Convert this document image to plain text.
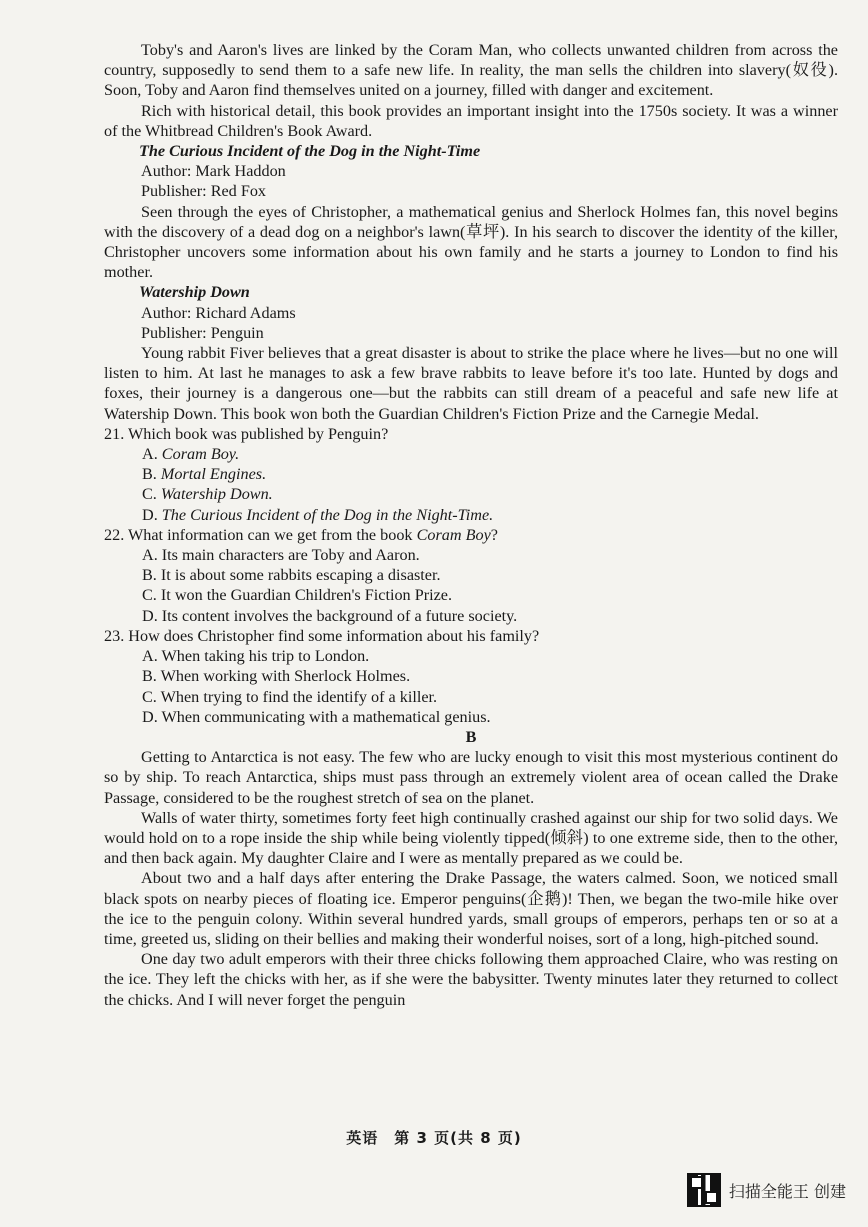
Toby's and Aaron's lives are linked by the Coram Man, who collects unwanted children from across the country, supposedly to send them to a safe new life. In reality, the man sells the children into slavery(奴役). Soon, Toby and Aaron find themselves united on a journey, filled with danger and excitement.

Rich with historical detail, this book provides an important insight into the 1750s society. It was a winner of the Whitbread Children's Book Award.

The Curious Incident of the Dog in the Night-Time

Author: Mark Haddon

Publisher: Red Fox

Seen through the eyes of Christopher, a mathematical genius and Sherlock Holmes fan, this novel begins with the discovery of a dead dog on a neighbor's lawn(草坪). In his search to discover the identity of the killer, Christopher uncovers some information about his own family and he starts a journey to London to find his mother.

Watership Down

Author: Richard Adams

Publisher: Penguin

Young rabbit Fiver believes that a great disaster is about to strike the place where he lives—but no one will listen to him. At last he manages to ask a few brave rabbits to leave before it's too late. Hunted by dogs and foxes, their journey is a dangerous one—but the rabbits can still dream of a peaceful and safe new life at Watership Down. This book won both the Guardian Children's Fiction Prize and the Carnegie Medal.

21. Which book was published by Penguin?

A. Coram Boy.

B. Mortal Engines.

C. Watership Down.

D. The Curious Incident of the Dog in the Night-Time.

22. What information can we get from the book Coram Boy?

A. Its main characters are Toby and Aaron.

B. It is about some rabbits escaping a disaster.

C. It won the Guardian Children's Fiction Prize.

D. Its content involves the background of a future society.

23. How does Christopher find some information about his family?

A. When taking his trip to London.

B. When working with Sherlock Holmes.

C. When trying to find the identify of a killer.

D. When communicating with a mathematical genius.

B

Getting to Antarctica is not easy. The few who are lucky enough to visit this most mysterious continent do so by ship. To reach Antarctica, ships must pass through an extremely violent area of ocean called the Drake Passage, considered to be the roughest stretch of sea on the planet.

Walls of water thirty, sometimes forty feet high continually crashed against our ship for two solid days. We would hold on to a rope inside the ship while being violently tipped(倾斜) to one extreme side, then to the other, and then back again. My daughter Claire and I were as mentally prepared as we could be.

About two and a half days after entering the Drake Passage, the waters calmed. Soon, we noticed small black spots on nearby pieces of floating ice. Emperor penguins(企鹅)! Then, we began the two-mile hike over the ice to the penguin colony. Within several hundred yards, small groups of emperors, perhaps ten or so at a time, greeted us, sliding on their bellies and making their wonderful noises, sort of a long, high-pitched sound.

One day two adult emperors with their three chicks following them approached Claire, who was resting on the ice. They left the chicks with her, as if she were the babysitter. Twenty minutes later they returned to collect the chicks. And I will never forget the penguin

英语　第 3 页(共 8 页)
扫描全能王 创建
